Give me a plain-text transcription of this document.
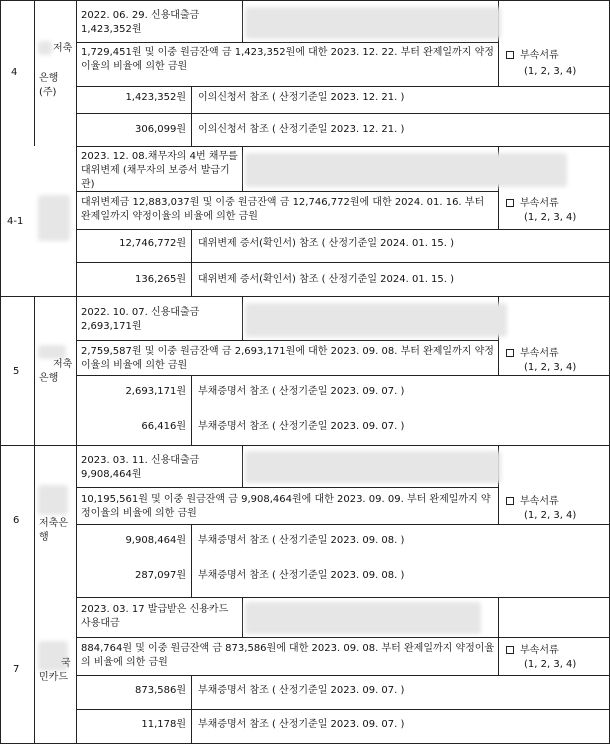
4
저축
은행
(주)
2022. 06. 29. 신용대출금
1,423,352원
1,729,451원 및 이중 원금잔액 금 1,423,352원에 대한 2023. 12. 22. 부터 완제일까지 약정이율의 비율에 의한 금원
부속서류
(1, 2, 3, 4)
1,423,352원 이의신청서 참조 ( 산정기준일 2023. 12. 21. )
306,099원 이의신청서 참조 ( 산정기준일 2023. 12. 21. )
4-1
2023. 12. 08.채무자의 4번 채무를 대위변제 (채무자의 보증서 발급기관)
대위변제금 12,883,037원 및 이중 원금잔액 금 12,746,772원에 대한 2024. 01. 16. 부터 완제일까지 약정이율의 비율에 의한 금원
부속서류
(1, 2, 3, 4)
12,746,772원 대위변제 증서(확인서) 참조 ( 산정기준일 2024. 01. 15. )
136,265원 대위변제 증서(확인서) 참조 ( 산정기준일 2024. 01. 15. )
5
저축
은행
2022. 10. 07. 신용대출금
2,693,171원
2,759,587원 및 이중 원금잔액 금 2,693,171원에 대한 2023. 09. 08. 부터 완제일까지 약정이율의 비율에 의한 금원
부속서류
(1, 2, 3, 4)
2,693,171원 부채증명서 참조 ( 산정기준일 2023. 09. 07. )
66,416원 부채증명서 참조 ( 산정기준일 2023. 09. 07. )
6 저축은
행
2023. 03. 11. 신용대출금
9,908,464원
10,195,561원 및 이중 원금잔액 금 9,908,464원에 대한 2023. 09. 09. 부터 완제일까지 약정이율의 비율에 의한 금원
부속서류
(1, 2, 3, 4)
9,908,464원 부채증명서 참조 ( 산정기준일 2023. 09. 08. )
287,097원 부채증명서 참조 ( 산정기준일 2023. 09. 08. )
7
국
민카드
2023. 03. 17 발급받은 신용카드 사용대금
884,764원 및 이중 원금잔액 금 873,586원에 대한 2023. 09. 08. 부터 완제일까지 약정이율의 비율에 의한 금원
부속서류
(1, 2, 3, 4)
873,586원 부채증명서 참조 ( 산정기준일 2023. 09. 07. )
11,178원 부채증명서 참조 ( 산정기준일 2023. 09. 07. )
